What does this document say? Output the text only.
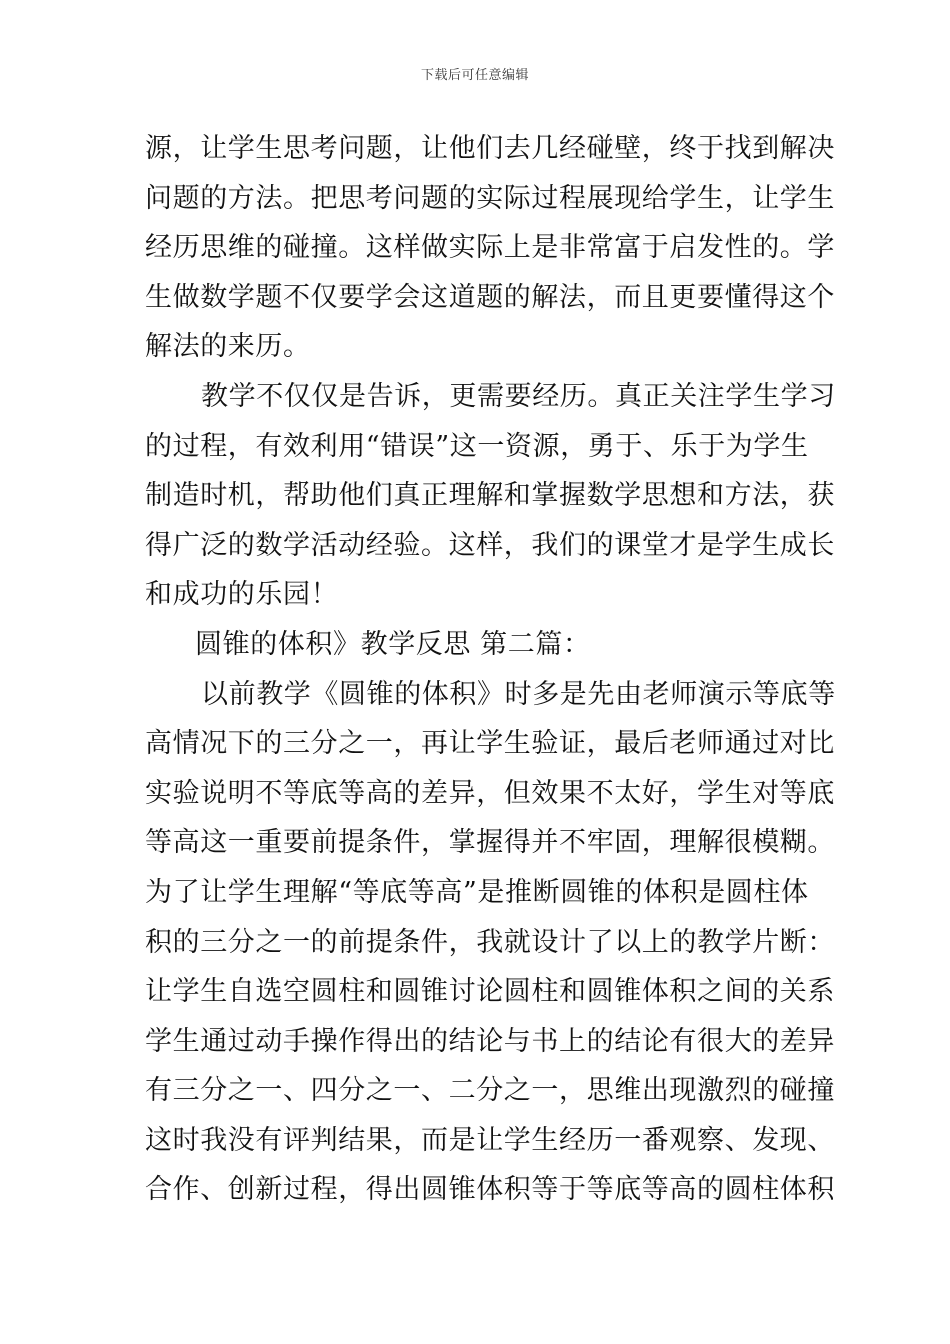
下载后可任意编辑
源，让学生思考问题，让他们去几经碰壁，终于找到解决
问题的方法。把思考问题的实际过程展现给学生，让学生
经历思维的碰撞。这样做实际上是非常富于启发性的。学
生做数学题不仅要学会这道题的解法，而且更要懂得这个
解法的来历。
教学不仅仅是告诉，更需要经历。真正关注学生学习
的过程，有效利用“错误”这一资源，勇于、乐于为学生
制造时机，帮助他们真正理解和掌握数学思想和方法，获
得广泛的数学活动经验。这样，我们的课堂才是学生成长
和成功的乐园！
圆锥的体积》教学反思 第二篇：
以前教学《圆锥的体积》时多是先由老师演示等底等
高情况下的三分之一，再让学生验证，最后老师通过对比
实验说明不等底等高的差异，但效果不太好，学生对等底
等高这一重要前提条件，掌握得并不牢固，理解很模糊。
为了让学生理解“等底等高”是推断圆锥的体积是圆柱体
积的三分之一的前提条件，我就设计了以上的教学片断：
让学生自选空圆柱和圆锥讨论圆柱和圆锥体积之间的关系
学生通过动手操作得出的结论与书上的结论有很大的差异
有三分之一、四分之一、二分之一，思维出现激烈的碰撞
这时我没有评判结果，而是让学生经历一番观察、发现、
合作、创新过程，得出圆锥体积等于等底等高的圆柱体积
